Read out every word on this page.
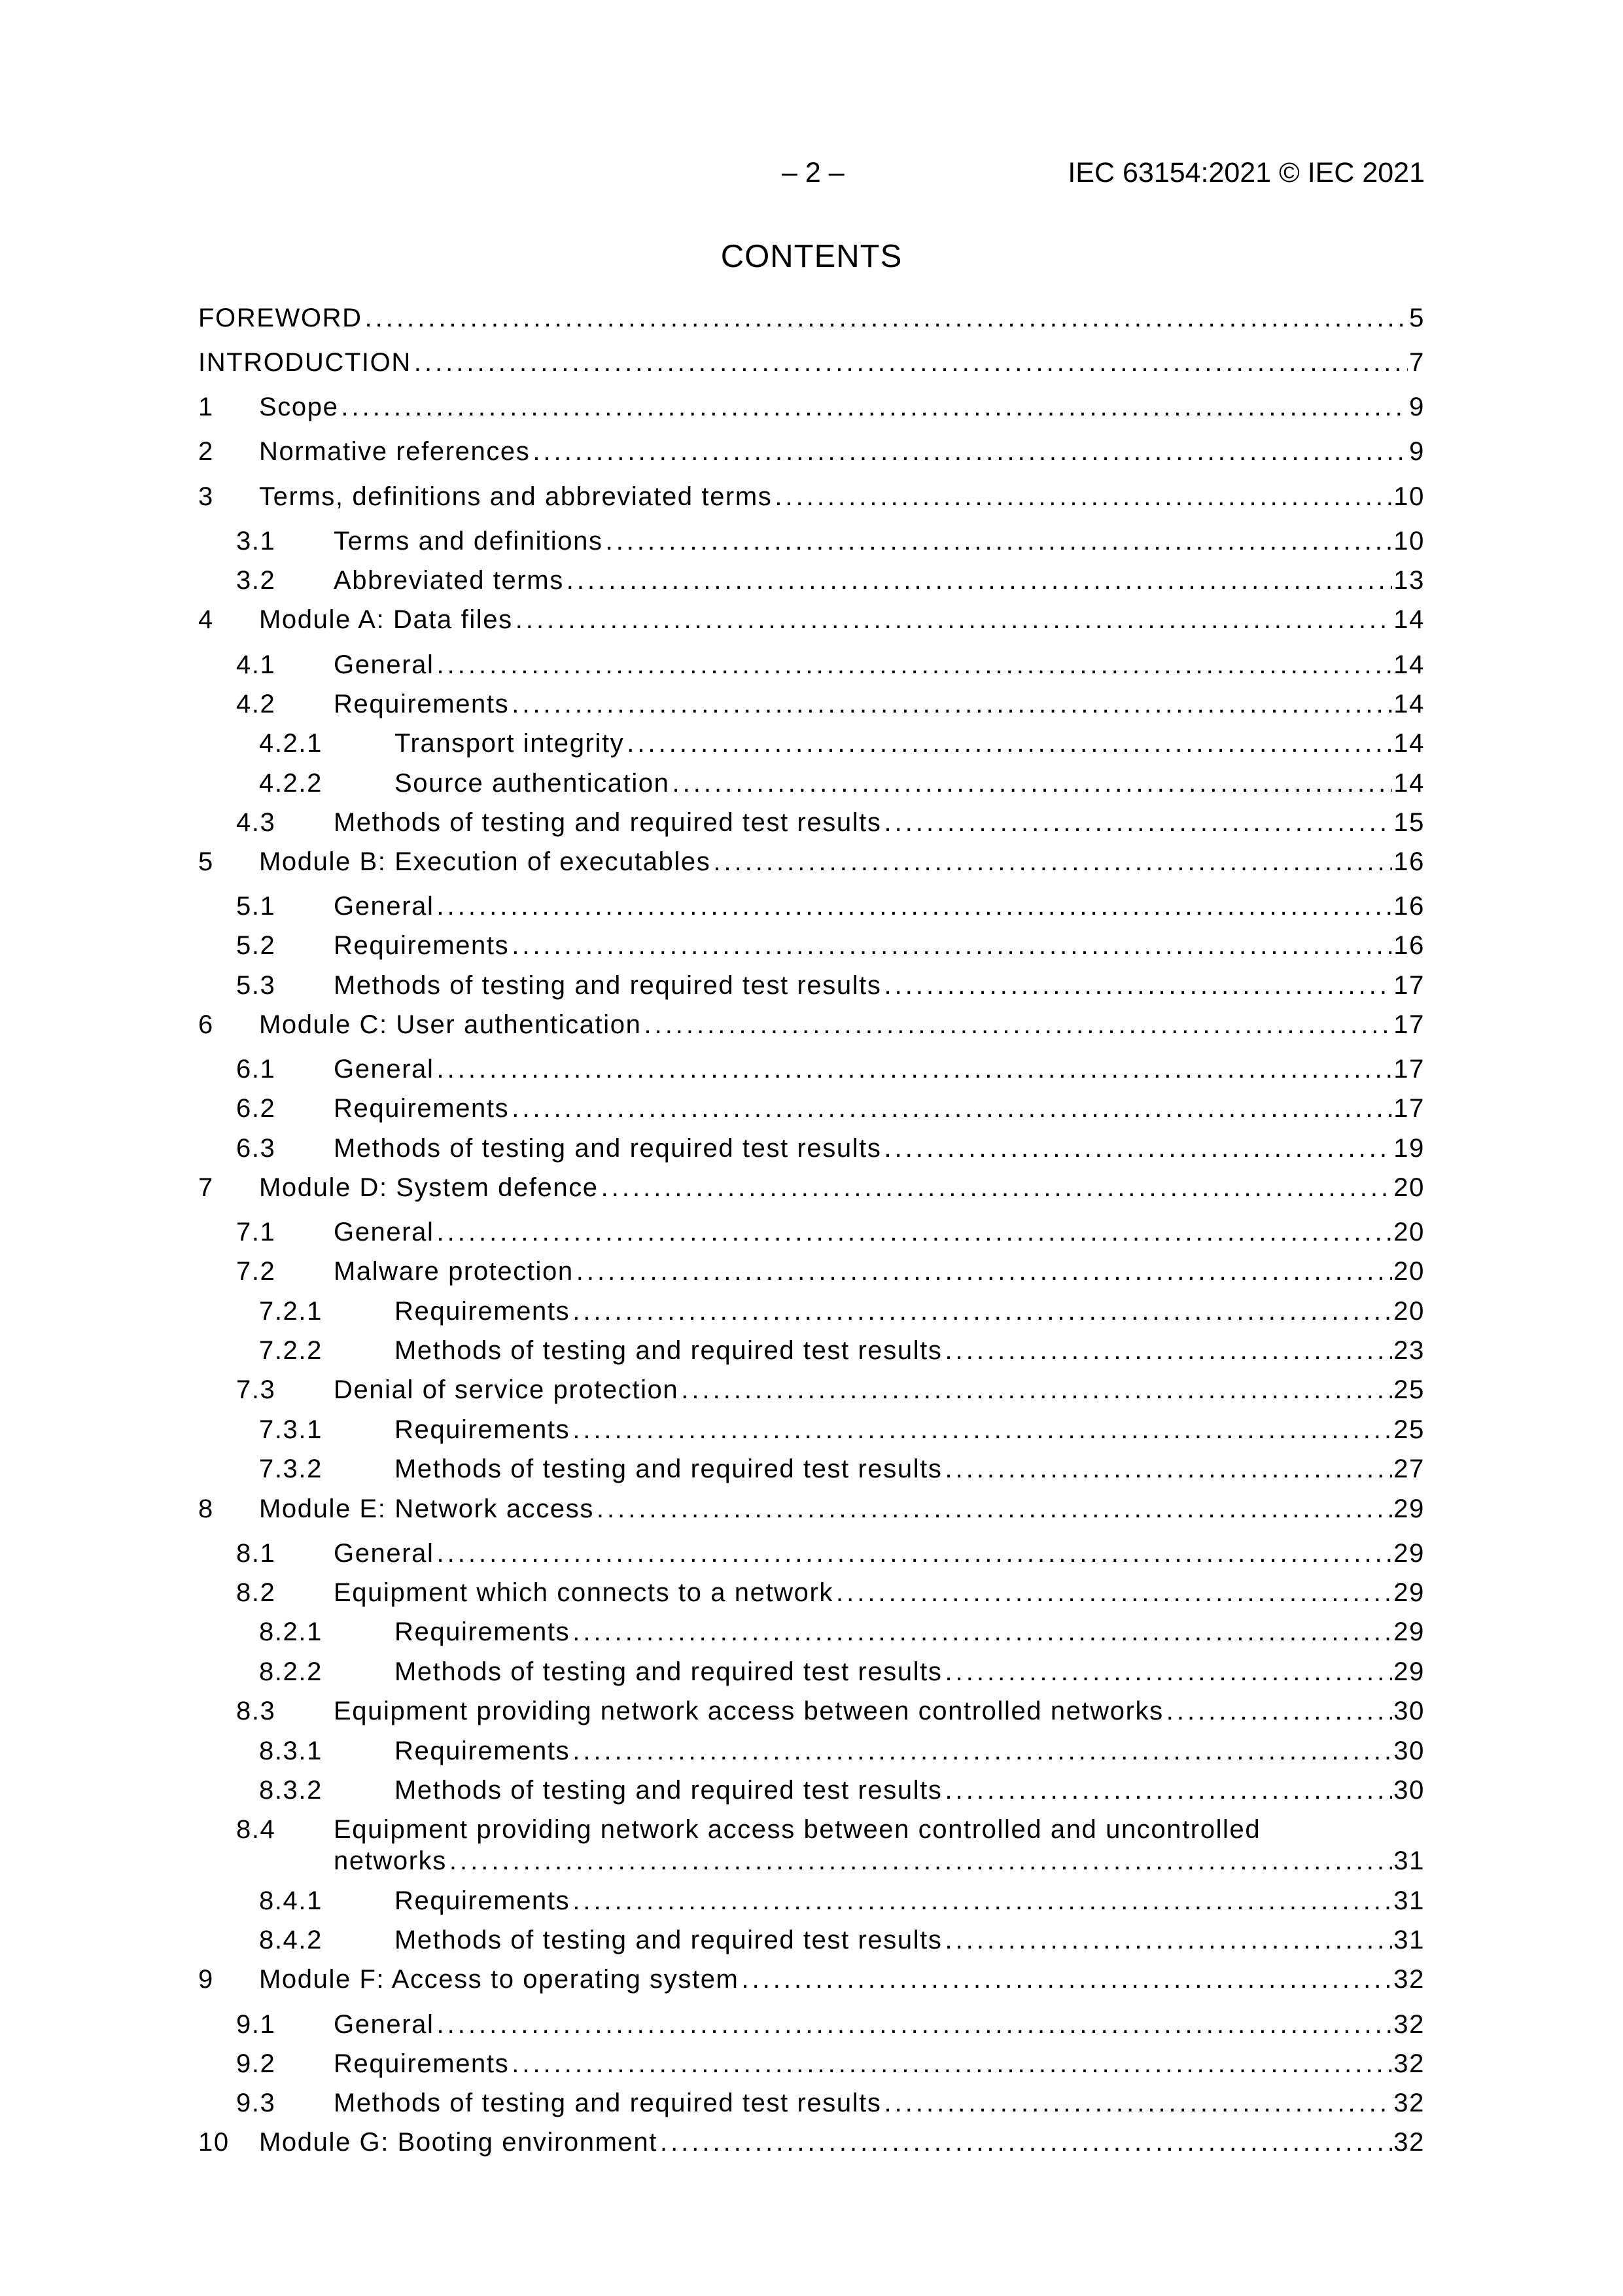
– 2 –	IEC 63154:2021 © IEC 2021
CONTENTS
FOREWORD .....	5
INTRODUCTION .....	7
1 Scope .....	9
2 Normative references .....	9
3 Terms, definitions and abbreviated terms .....	10
3.1 Terms and definitions .....	10
3.2 Abbreviated terms .....	13
4 Module A: Data files .....	14
4.1 General .....	14
4.2 Requirements .....	14
4.2.1	Transport integrity .....	14
4.2.2	Source authentication .....	14
4.3 Methods of testing and required test results .....	15
5 Module B: Execution of executables .....	16
5.1 General .....	16
5.2 Requirements .....	16
5.3 Methods of testing and required test results .....	17
6 Module C: User authentication .....	17
6.1 General .....	17
6.2 Requirements .....	17
6.3 Methods of testing and required test results .....	19
7 Module D: System defence .....	20
7.1 General .....	20
7.2 Malware protection .....	20
7.2.1	Requirements .....	20
7.2.2	Methods of testing and required test results .....	23
7.3 Denial of service protection .....	25
7.3.1	Requirements .....	25
7.3.2	Methods of testing and required test results .....	27
8 Module E: Network access .....	29
8.1 General .....	29
8.2 Equipment which connects to a network .....	29
8.2.1	Requirements .....	29
8.2.2	Methods of testing and required test results .....	29
8.3 Equipment providing network access between controlled networks .....	30
8.3.1	Requirements .....	30
8.3.2	Methods of testing and required test results .....	30
8.4 Equipment providing network access between controlled and uncontrolled
networks .....	31
8.4.1	Requirements .....	31
8.4.2	Methods of testing and required test results .....	31
9 Module F: Access to operating system .....	32
9.1 General .....	32
9.2 Requirements .....	32
9.3 Methods of testing and required test results .....	32
10 Module G: Booting environment .....	32
